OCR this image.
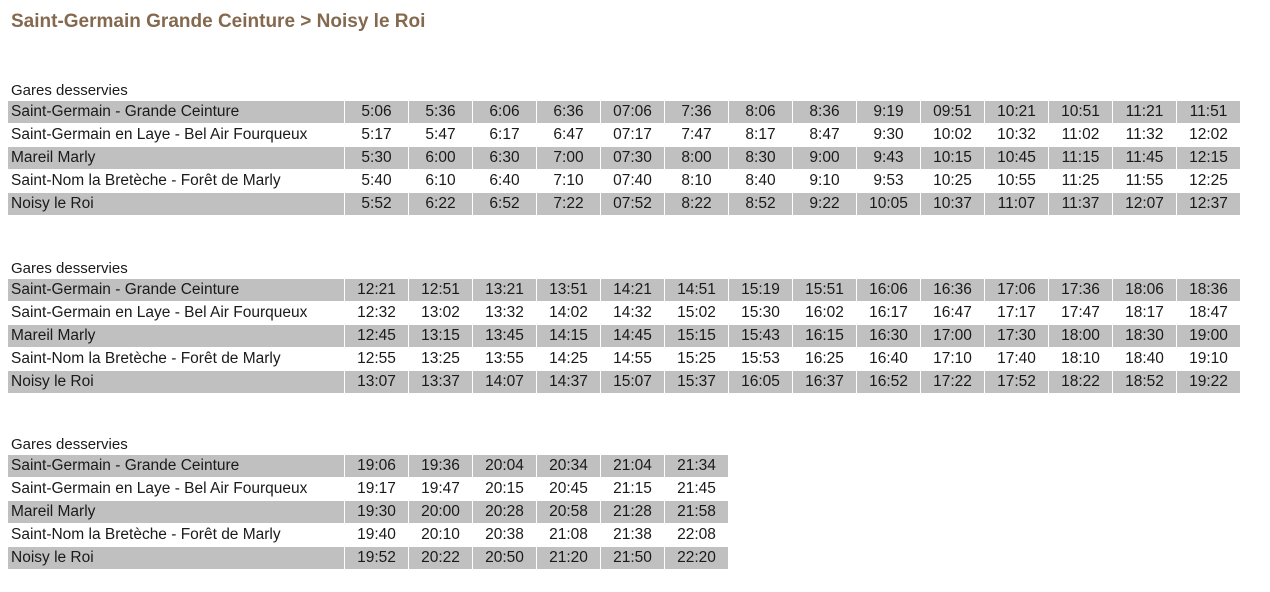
Saint-Germain Grande Ceinture > Noisy le Roi
Gares desservies
Saint-Germain - Grande Ceinture	5:06	5:36	6:06	6:36	07:06	7:36	8:06	8:36	9:19	09:51	10:21	10:51	11:21	11:51
Saint-Germain en Laye - Bel Air Fourqueux	5:17	5:47	6:17	6:47	07:17	7:47	8:17	8:47	9:30	10:02	10:32	11:02	11:32	12:02
Mareil Marly	5:30	6:00	6:30	7:00	07:30	8:00	8:30	9:00	9:43	10:15	10:45	11:15	11:45	12:15
Saint-Nom la Bretèche - Forêt de Marly	5:40	6:10	6:40	7:10	07:40	8:10	8:40	9:10	9:53	10:25	10:55	11:25	11:55	12:25
Noisy le Roi	5:52	6:22	6:52	7:22	07:52	8:22	8:52	9:22	10:05	10:37	11:07	11:37	12:07	12:37
Gares desservies
Saint-Germain - Grande Ceinture	12:21	12:51	13:21	13:51	14:21	14:51	15:19	15:51	16:06	16:36	17:06	17:36	18:06	18:36
Saint-Germain en Laye - Bel Air Fourqueux	12:32	13:02	13:32	14:02	14:32	15:02	15:30	16:02	16:17	16:47	17:17	17:47	18:17	18:47
Mareil Marly	12:45	13:15	13:45	14:15	14:45	15:15	15:43	16:15	16:30	17:00	17:30	18:00	18:30	19:00
Saint-Nom la Bretèche - Forêt de Marly	12:55	13:25	13:55	14:25	14:55	15:25	15:53	16:25	16:40	17:10	17:40	18:10	18:40	19:10
Noisy le Roi	13:07	13:37	14:07	14:37	15:07	15:37	16:05	16:37	16:52	17:22	17:52	18:22	18:52	19:22
Gares desservies
Saint-Germain - Grande Ceinture	19:06	19:36	20:04	20:34	21:04	21:34
Saint-Germain en Laye - Bel Air Fourqueux	19:17	19:47	20:15	20:45	21:15	21:45
Mareil Marly	19:30	20:00	20:28	20:58	21:28	21:58
Saint-Nom la Bretèche - Forêt de Marly	19:40	20:10	20:38	21:08	21:38	22:08
Noisy le Roi	19:52	20:22	20:50	21:20	21:50	22:20
